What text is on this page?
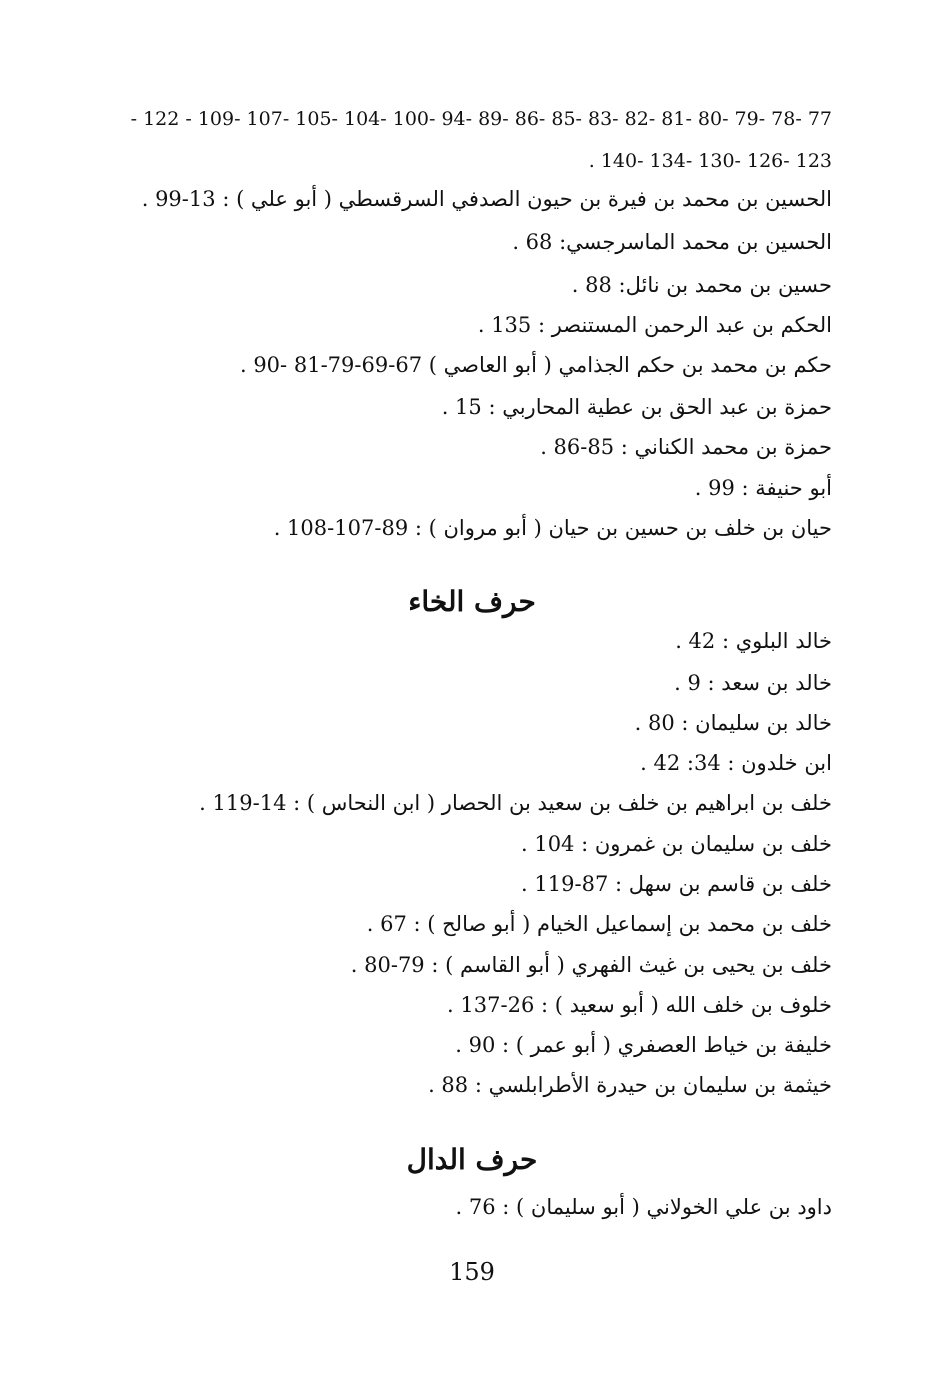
- 122 - 109- 107- 105- 104- 100- 94- 89- 86- 85- 83- 82- 81- 80- 79- 78- 77
. 140- 134- 130- 126- 123
الحسين بن محمد بن فيرة بن حيون الصدفي السرقسطي ( أبو علي ) : 13-99 .
الحسين بن محمد الماسرجسي: 68 .
حسين بن محمد بن نائل: 88 .
الحكم بن عبد الرحمن المستنصر : 135 .
حكم بن محمد بن حكم الجذامي ( أبو العاصي ) 67-69-79-81 -90 .
حمزة بن عبد الحق بن عطية المحاربي : 15 .
حمزة بن محمد الكناني : 85-86 .
أبو حنيفة : 99 .
حيان بن خلف بن حسين بن حيان ( أبو مروان ) : 89-107-108 .
حرف الخاء
خالد البلوي : 42 .
خالد بن سعد : 9 .
خالد بن سليمان : 80 .
ابن خلدون : 34: 42 .
خلف بن ابراهيم بن خلف بن سعيد بن الحصار ( ابن النحاس ) : 14-119 .
خلف بن سليمان بن غمرون : 104 .
خلف بن قاسم بن سهل : 87-119 .
خلف بن محمد بن إسماعيل الخيام ( أبو صالح ) : 67 .
خلف بن يحيى بن غيث الفهري ( أبو القاسم ) : 79-80 .
خلوف بن خلف الله ( أبو سعيد ) : 26-137 .
خليفة بن خياط العصفري ( أبو عمر ) : 90 .
خيثمة بن سليمان بن حيدرة الأطرابلسي : 88 .
حرف الدال
داود بن علي الخولاني ( أبو سليمان ) : 76 .
159
